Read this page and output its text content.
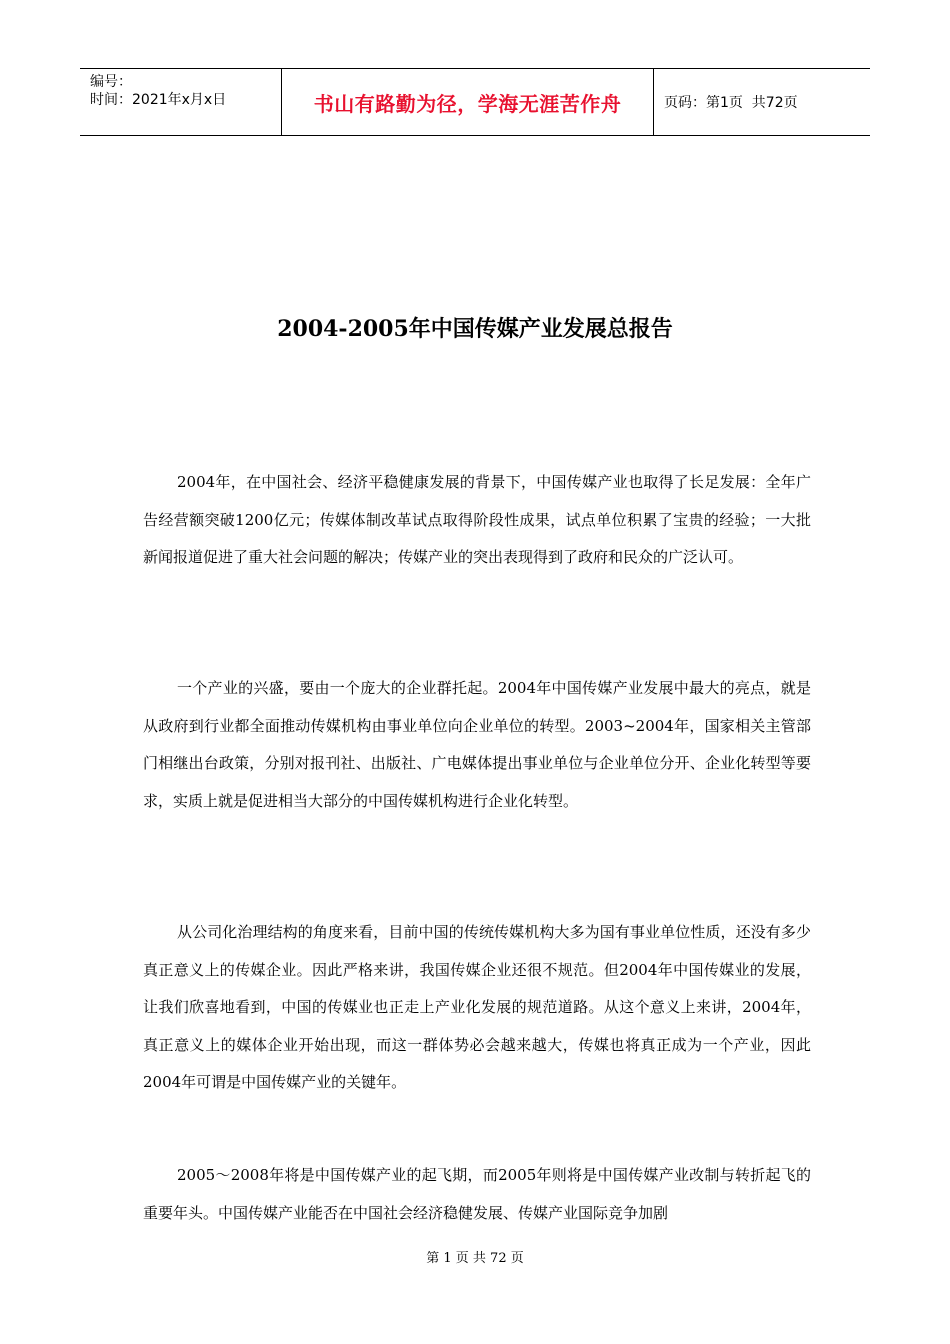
编号：
时间：2021年x月x日	书山有路勤为径，学海无涯苦作舟	页码：第1页  共72页
2004-2005年中国传媒产业发展总报告

2004年，在中国社会、经济平稳健康发展的背景下，中国传媒产业也取得了长足发展：全年广告经营额突破1200亿元；传媒体制改革试点取得阶段性成果，试点单位积累了宝贵的经验；一大批新闻报道促进了重大社会问题的解决；传媒产业的突出表现得到了政府和民众的广泛认可。

一个产业的兴盛，要由一个庞大的企业群托起。2004年中国传媒产业发展中最大的亮点，就是从政府到行业都全面推动传媒机构由事业单位向企业单位的转型。2003~2004年，国家相关主管部门相继出台政策，分别对报刊社、出版社、广电媒体提出事业单位与企业单位分开、企业化转型等要求，实质上就是促进相当大部分的中国传媒机构进行企业化转型。

从公司化治理结构的角度来看，目前中国的传统传媒机构大多为国有事业单位性质，还没有多少真正意义上的传媒企业。因此严格来讲，我国传媒企业还很不规范。但2004年中国传媒业的发展，让我们欣喜地看到，中国的传媒业也正走上产业化发展的规范道路。从这个意义上来讲，2004年，真正意义上的媒体企业开始出现，而这一群体势必会越来越大，传媒也将真正成为一个产业，因此2004年可谓是中国传媒产业的关键年。

2005～2008年将是中国传媒产业的起飞期，而2005年则将是中国传媒产业改制与转折起飞的重要年头。中国传媒产业能否在中国社会经济稳健发展、传媒产业国际竞争加剧

第 1 页 共 72 页
